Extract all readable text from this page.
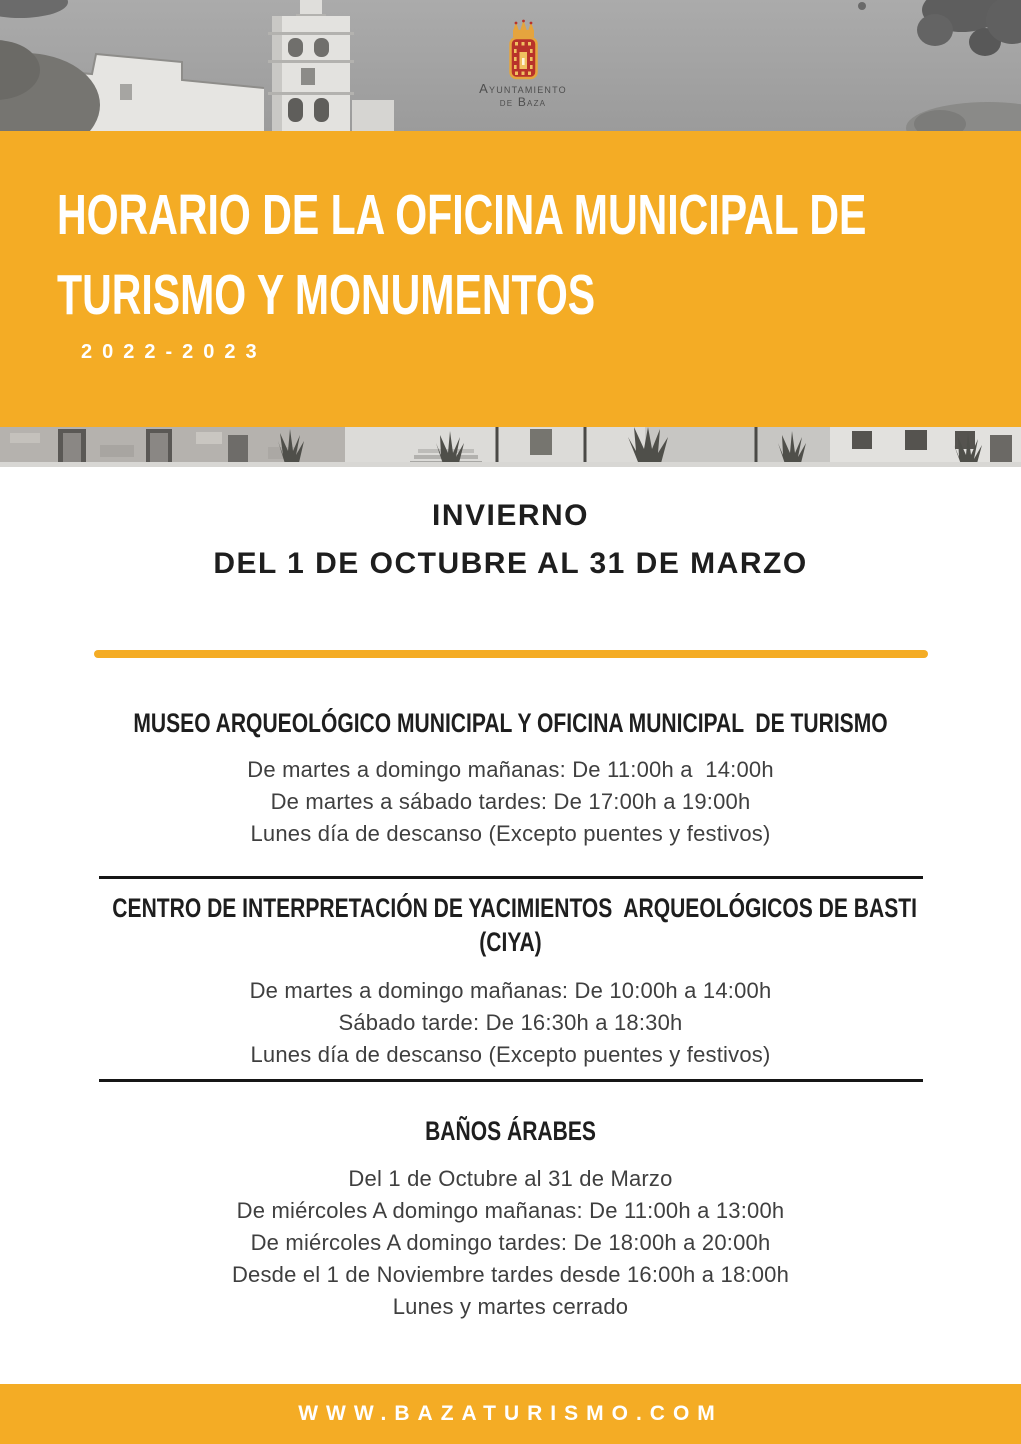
Ayuntamiento
de Baza
HORARIO DE LA OFICINA MUNICIPAL DE
TURISMO Y MONUMENTOS
2022-2023
INVIERNO
DEL 1 DE OCTUBRE AL 31 DE MARZO
MUSEO ARQUEOLÓGICO MUNICIPAL Y OFICINA MUNICIPAL  DE TURISMO
De martes a domingo mañanas: De 11:00h a  14:00h
De martes a sábado tardes: De 17:00h a 19:00h
Lunes día de descanso (Excepto puentes y festivos)
CENTRO DE INTERPRETACIÓN DE YACIMIENTOS  ARQUEOLÓGICOS DE BASTI
(CIYA)
De martes a domingo mañanas: De 10:00h a 14:00h
Sábado tarde: De 16:30h a 18:30h
Lunes día de descanso (Excepto puentes y festivos)
BAÑOS ÁRABES
Del 1 de Octubre al 31 de Marzo
De miércoles A domingo mañanas: De 11:00h a 13:00h
De miércoles A domingo tardes: De 18:00h a 20:00h
Desde el 1 de Noviembre tardes desde 16:00h a 18:00h
Lunes y martes cerrado
WWW.BAZATURISMO.COM
